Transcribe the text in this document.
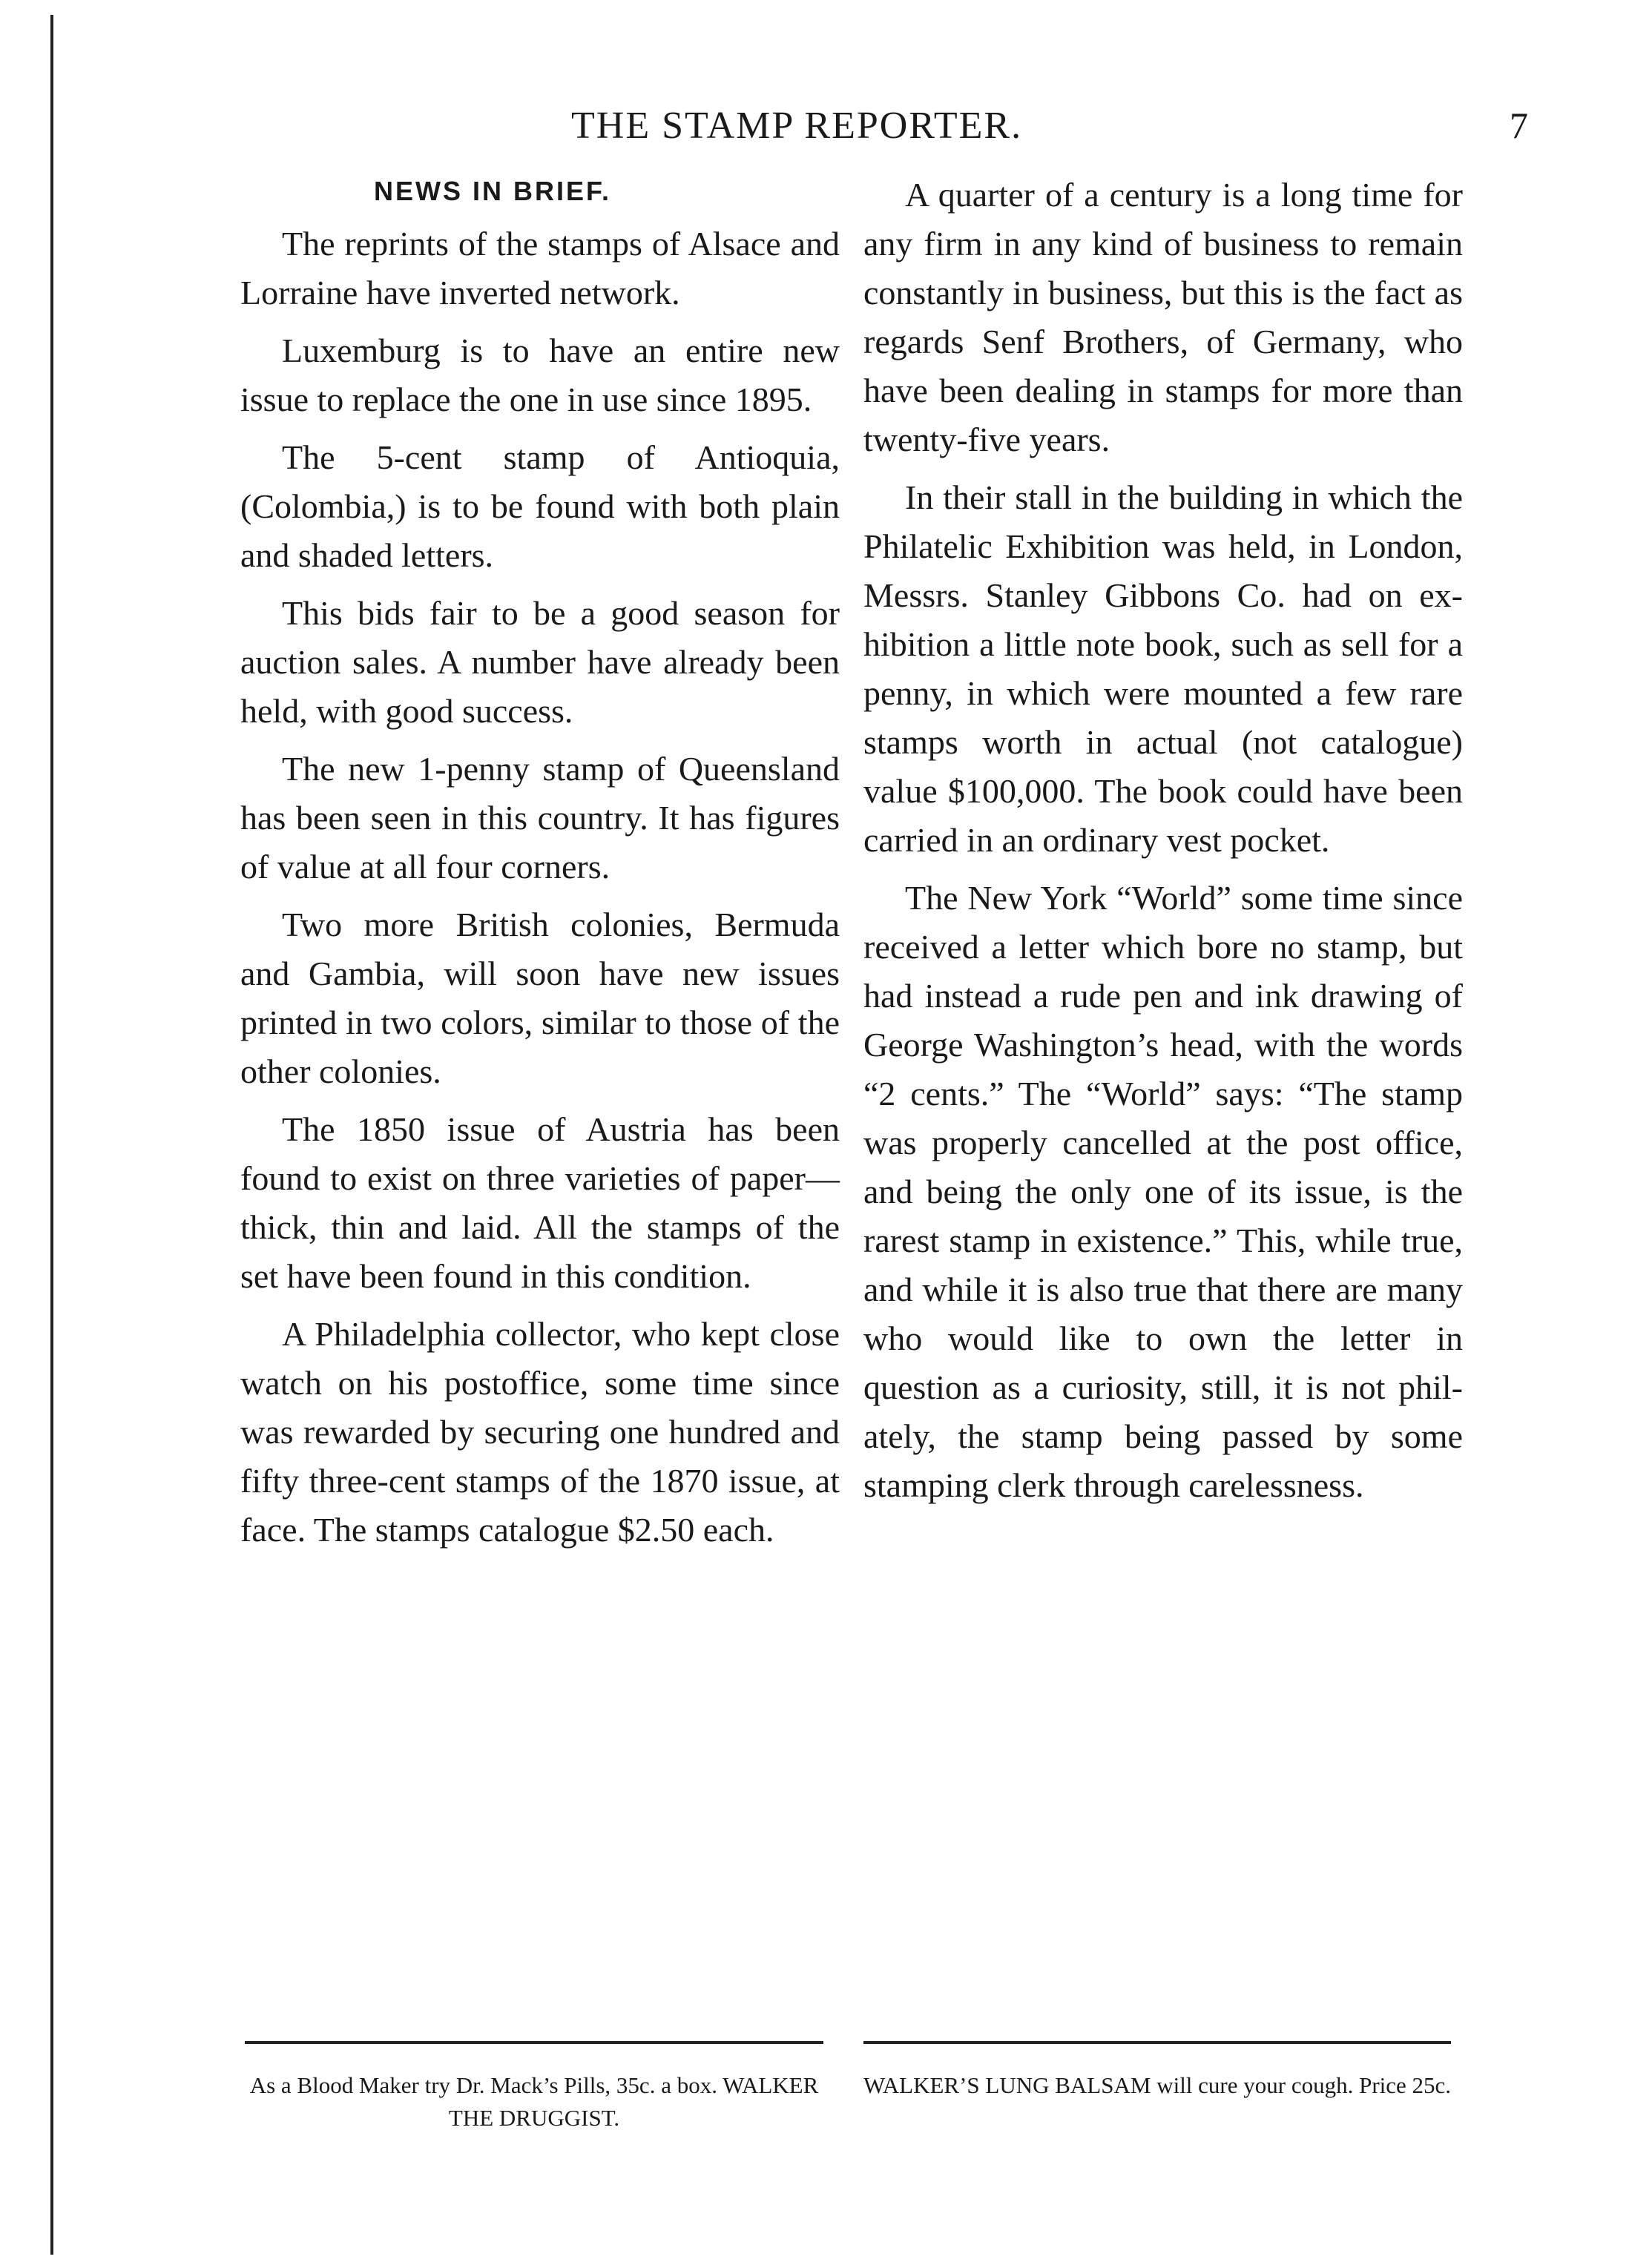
THE STAMP REPORTER.	7
NEWS IN BRIEF.

The reprints of the stamps of Alsace and Lorraine have inverted network.

Luxemburg is to have an entire new issue to replace the one in use since 1895.

The 5-cent stamp of Antioquia, (Colombia,) is to be found with both plain and shaded letters.

This bids fair to be a good season for auction sales. A number have already been held, with good success.

The new 1-penny stamp of Queensland has been seen in this country. It has figures of value at all four corners.

Two more British colonies, Bermuda and Gambia, will soon have new issues printed in two colors, similar to those of the other colonies.

The 1850 issue of Austria has been found to exist on three varieties of paper—thick, thin and laid. All the stamps of the set have been found in this condition.

A Philadelphia collector, who kept close watch on his postoffice, some time since was rewarded by securing one hundred and fifty three-cent stamps of the 1870 issue, at face. The stamps catalogue $2.50 each.

A quarter of a century is a long time for any firm in any kind of business to remain constantly in business, but this is the fact as regards Senf Brothers, of Germany, who have been dealing in stamps for more than twenty-five years.

In their stall in the building in which the Philatelic Exhibition was held, in London, Messrs. Stanley Gibbons Co. had on exhibition a little note book, such as sell for a penny, in which were mounted a few rare stamps worth in actual (not catalogue) value $100,000. The book could have been carried in an ordinary vest pocket.

The New York “World” some time since received a letter which bore no stamp, but had instead a rude pen and ink drawing of George Washington’s head, with the words “2 cents.” The “World” says: “The stamp was properly cancelled at the post office, and being the only one of its issue, is the rarest stamp in existence.” This, while true, and while it is also true that there are many who would like to own the letter in question as a curiosity, still, it is not philately, the stamp being passed by some stamping clerk through carelessness.

As a Blood Maker try Dr. Mack’s Pills, 35c. a box. WALKER THE DRUGGIST.
WALKER’S LUNG BALSAM will cure your cough. Price 25c.
